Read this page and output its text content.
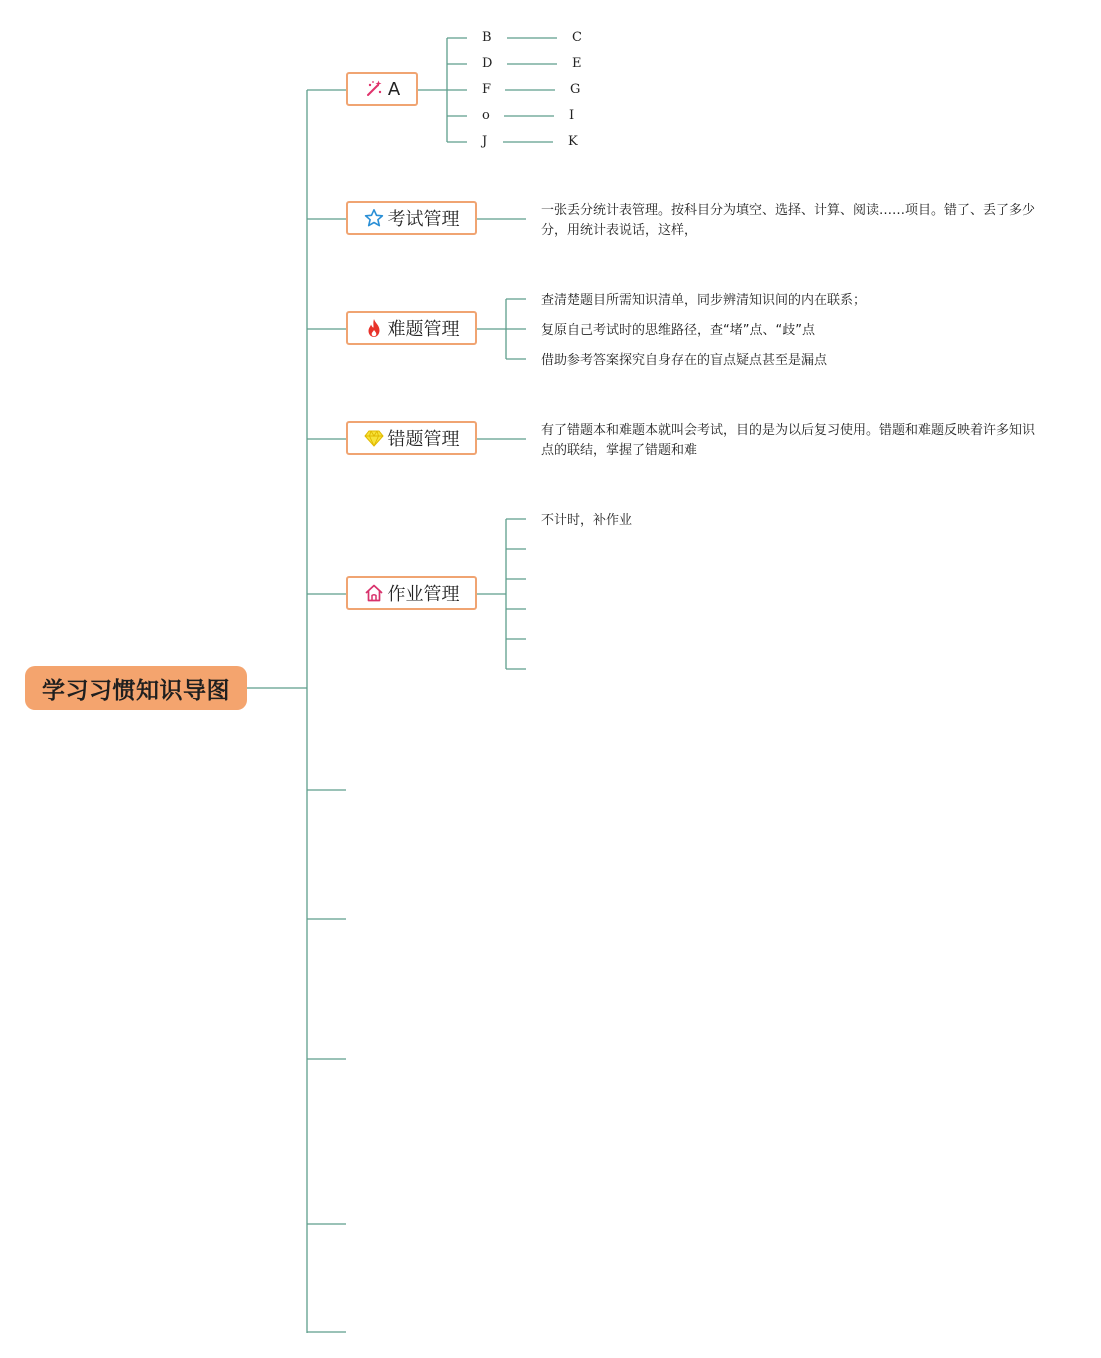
学习习惯知识导图
A
B	C
D	E
F	G
o	I
J	K
考试管理	一张丢分统计表管理。按科目分为填空、选择、计算、阅读……项目。错了、丢了多少分，用统计表说话，这样，
难题管理
查清楚题目所需知识清单，同步辨清知识间的内在联系；
复原自己考试时的思维路径，查“堵”点、“歧”点
借助参考答案探究自身存在的盲点疑点甚至是漏点
错题管理	有了错题本和难题本就叫会考试，目的是为以后复习使用。错题和难题反映着许多知识点的联结，掌握了错题和难
作业管理
不计时，补作业
